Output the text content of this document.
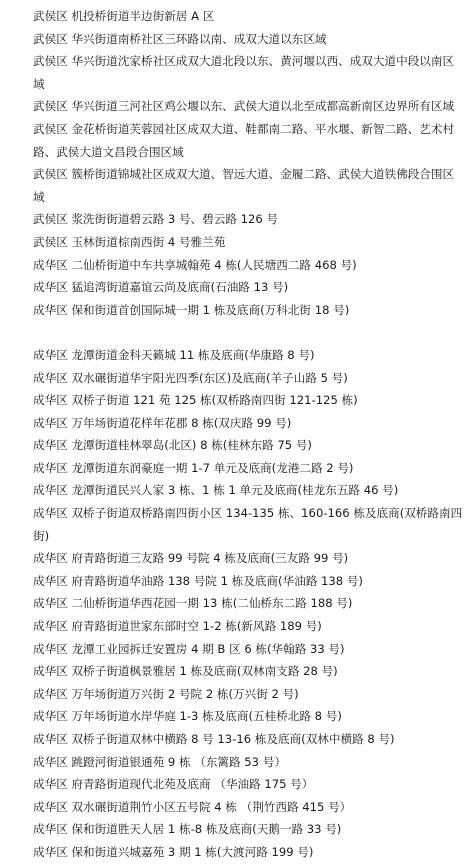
武侯区 机投桥街道半边街新居 A 区
武侯区 华兴街道南桥社区三环路以南、成双大道以东区域
武侯区 华兴街道沈家桥社区成双大道北段以东、黄河堰以西、成双大道中段以南区域
武侯区 华兴街道三河社区鸡公堰以东、武侯大道以北至成都高新南区边界所有区域
武侯区 金花桥街道芙蓉园社区成双大道、鞋都南二路、平水堰、新智二路、艺术村路、武侯大道文昌段合围区域
武侯区 簇桥街道锦城社区成双大道、智远大道、金履二路、武侯大道铁佛段合围区域
武侯区 浆洗街街道碧云路 3 号、碧云路 126 号
武侯区 玉林街道棕南西街 4 号雅兰苑
成华区 二仙桥街道中车共享城翰苑 4 栋(人民塘西二路 468 号)
成华区 猛追湾街道嘉谊云尚及底商(石油路 13 号)
成华区 保和街道首创国际城一期 1 栋及底商(万科北街 18 号)
成华区 龙潭街道金科天籁城 11 栋及底商(华康路 8 号)
成华区 双水碾街道华宇阳光四季(东区)及底商(羊子山路 5 号)
成华区 双桥子街道 121 苑 125 栋(双桥路南四街 121-125 栋)
成华区 万年场街道花样年花郡 8 栋(双庆路 99 号)
成华区 龙潭街道桂林翠岛(北区) 8 栋(桂林东路 75 号)
成华区 龙潭街道东润豪庭一期 1-7 单元及底商(龙港二路 2 号)
成华区 龙潭街道民兴人家 3 栋、1 栋 1 单元及底商(桂龙东五路 46 号)
成华区 双桥子街道双桥路南四街小区 134-135 栋、160-166 栋及底商(双桥路南四街)
成华区 府青路街道三友路 99 号院 4 栋及底商(三友路 99 号)
成华区 府青路街道华油路 138 号院 1 栋及底商(华油路 138 号)
成华区 二仙桥街道华西花园一期 13 栋(二仙桥东二路 188 号)
成华区 府青路街道世家东部时空 1-2 栋(新风路 189 号)
成华区 龙潭工业园拆迁安置房 4 期 B 区 6 栋(华翰路 33 号)
成华区 双桥子街道枫景雅居 1 栋及底商(双林南支路 28 号)
成华区 万年场街道万兴街 2 号院 2 栋(万兴街 2 号)
成华区 万年场街道水岸华庭 1-3 栋及底商(五桂桥北路 8 号)
成华区 双桥子街道双林中横路 8 号 13-16 栋及底商(双林中横路 8 号)
成华区 跳蹬河街道银通苑 9 栋 （东篱路 53 号）
成华区 府青路街道现代北苑及底商 （华油路 175 号）
成华区 双水碾街道荆竹小区五号院 4 栋 （荆竹西路 415 号）
成华区 保和街道胜天人居 1 栋-8 栋及底商(天鹅一路 33 号)
成华区 保和街道兴城嘉苑 3 期 1 栋(大渡河路 199 号)
